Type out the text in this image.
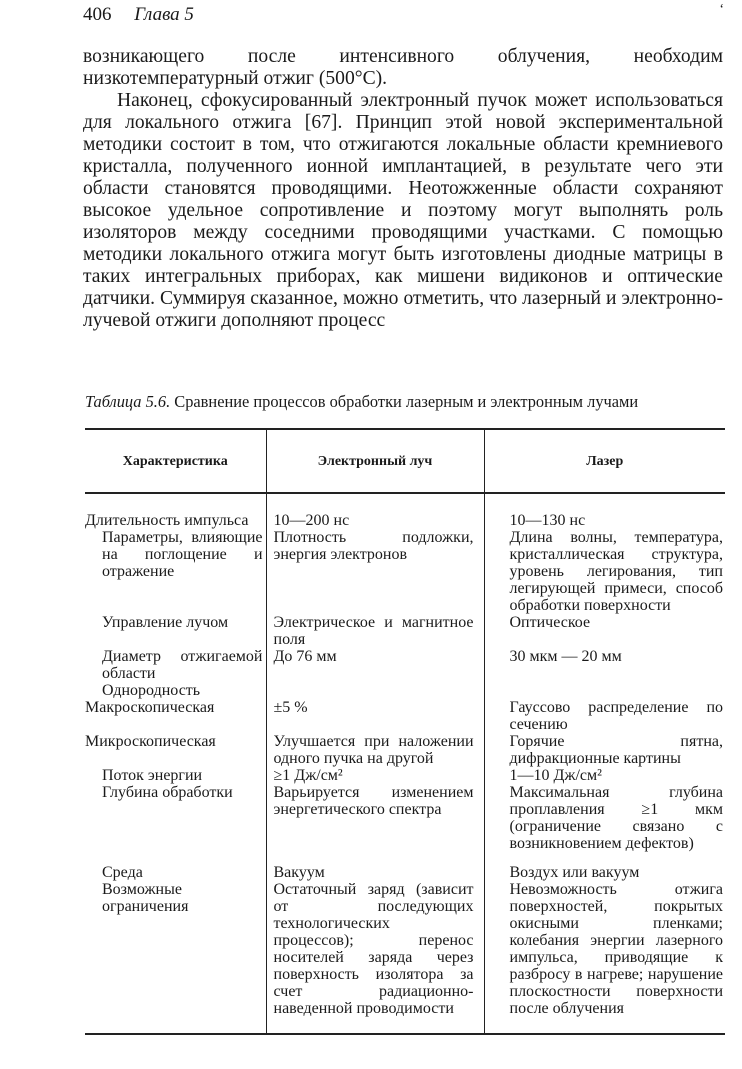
406 Глава 5	ʻ

возникающего после интенсивного облучения, необходим низкотемпературный отжиг (500°С).

Наконец, сфокусированный электронный пучок может использоваться для локального отжига [67]. Принцип этой новой экспериментальной методики состоит в том, что отжигаются локальные области кремниевого кристалла, полученного ионной имплантацией, в результате чего эти области становятся проводящими. Неотожженные области сохраняют высокое удельное сопротивление и поэтому могут выполнять роль изоляторов между соседними проводящими участками. С помощью методики локального отжига могут быть изготовлены диодные матрицы в таких интегральных приборах, как мишени видиконов и оптические датчики. Суммируя сказанное, можно отметить, что лазерный и электронно-лучевой отжиги дополняют процесс

Таблица 5.6. Сравнение процессов обработки лазерным и электронным лучами
Характеристика	Электронный луч	Лазер
Длительность импульса	10—200 нс	10—130 нс
Параметры, влияющие на поглощение и отражение	Плотность подложки, энергия электронов	Длина волны, температура, кристаллическая структура, уровень легирования, тип легирующей примеси, способ обработки поверхности
Управление лучом	Электрическое и магнитное поля	Оптическое
Диаметр отжигаемой области	До 76 мм	30 мкм — 20 мм
Однородность		
Макроскопическая	±5 %	Гауссово распределение по сечению
Микроскопическая	Улучшается при наложении одного пучка на другой	Горячие пятна, дифракционные картины
Поток энергии	≥1 Дж/см²	1—10 Дж/см²
Глубина обработки	Варьируется изменением энергетического спектра	Максимальная глубина проплавления ≥1 мкм (ограничение связано с возникновением дефектов)
Среда	Вакуум	Воздух или вакуум
Возможные ограничения	Остаточный заряд (зависит от последующих технологических процессов); перенос носителей заряда через поверхность изолятора за счет радиационно-наведенной проводимости	Невозможность отжига поверхностей, покрытых окисными пленками; колебания энергии лазерного импульса, приводящие к разбросу в нагреве; нарушение плоскостности поверхности после облучения
